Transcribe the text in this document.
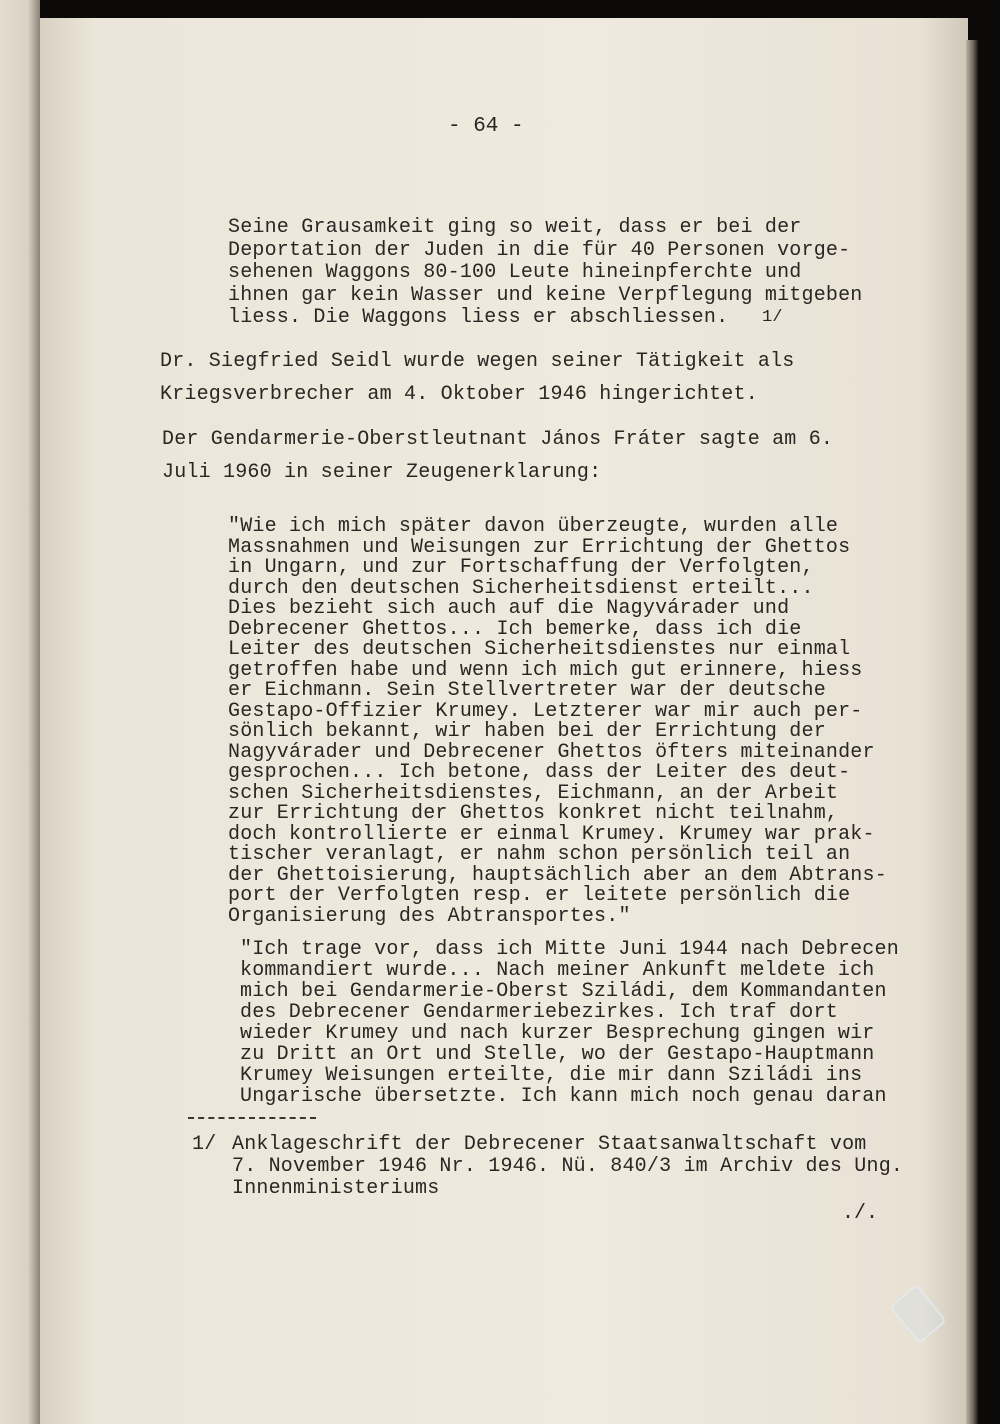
- 64 -
Seine Grausamkeit ging so weit, dass er bei der
Deportation der Juden in die für 40 Personen vorge-
sehenen Waggons 80-100 Leute hineinpferchte und
ihnen gar kein Wasser und keine Verpflegung mitgeben
liess. Die Waggons liess er abschliessen.
Dr. Siegfried Seidl wurde wegen seiner Tätigkeit als
Kriegsverbrecher am 4. Oktober 1946 hingerichtet.
Der Gendarmerie-Oberstleutnant János Fráter sagte am 6.
Juli 1960 in seiner Zeugenerklarung:
"Wie ich mich später davon überzeugte, wurden alle
Massnahmen und Weisungen zur Errichtung der Ghettos
in Ungarn, und zur Fortschaffung der Verfolgten,
durch den deutschen Sicherheitsdienst erteilt...
Dies bezieht sich auch auf die Nagyvárader und
Debrecener Ghettos... Ich bemerke, dass ich die
Leiter des deutschen Sicherheitsdienstes nur einmal
getroffen habe und wenn ich mich gut erinnere, hiess
er Eichmann. Sein Stellvertreter war der deutsche
Gestapo-Offizier Krumey. Letzterer war mir auch per-
sönlich bekannt, wir haben bei der Errichtung der
Nagyvárader und Debrecener Ghettos öfters miteinander
gesprochen... Ich betone, dass der Leiter des deut-
schen Sicherheitsdienstes, Eichmann, an der Arbeit
zur Errichtung der Ghettos konkret nicht teilnahm,
doch kontrollierte er einmal Krumey. Krumey war prak-
tischer veranlagt, er nahm schon persönlich teil an
der Ghettoisierung, hauptsächlich aber an dem Abtrans-
port der Verfolgten resp. er leitete persönlich die
Organisierung des Abtransportes."
"Ich trage vor, dass ich Mitte Juni 1944 nach Debrecen
kommandiert wurde... Nach meiner Ankunft meldete ich
mich bei Gendarmerie-Oberst Sziládi, dem Kommandanten
des Debrecener Gendarmeriebezirkes. Ich traf dort
wieder Krumey und nach kurzer Besprechung gingen wir
zu Dritt an Ort und Stelle, wo der Gestapo-Hauptmann
Krumey Weisungen erteilte, die mir dann Sziládi ins
Ungarische übersetzte. Ich kann mich noch genau daran
Anklageschrift der Debrecener Staatsanwaltschaft vom
7. November 1946 Nr. 1946. Nü. 840/3 im Archiv des Ung.
Innenministeriums
1/
1/
./.
